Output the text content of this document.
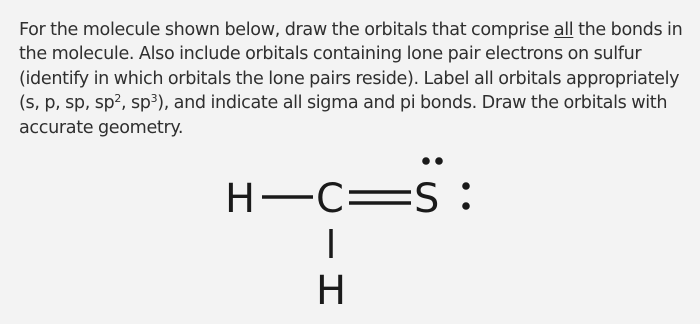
For the molecule shown below, draw the orbitals that comprise all the bonds in the molecule. Also include orbitals containing lone pair electrons on sulfur (identify in which orbitals the lone pairs reside). Label all orbitals appropriately (s, p, sp, $sp^2$, $sp^3$), and indicate all sigma and pi bonds. Draw the orbitals with accurate geometry.

H C S
H
